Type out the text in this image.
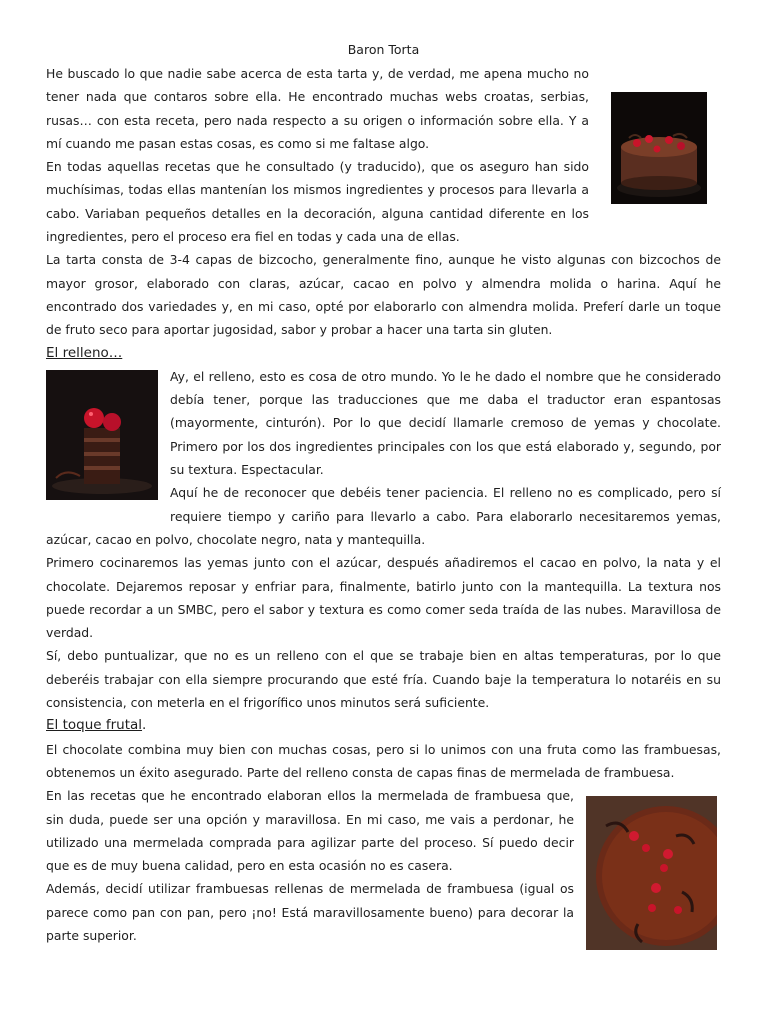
Baron Torta

He buscado lo que nadie sabe acerca de esta tarta y, de verdad, me apena mucho no tener nada que contaros sobre ella. He encontrado muchas webs croatas, serbias, rusas… con esta receta, pero nada respecto a su origen o información sobre ella. Y a mí cuando me pasan estas cosas, es como si me faltase algo.

En todas aquellas recetas que he consultado (y traducido), que os aseguro han sido muchísimas, todas ellas mantenían los mismos ingredientes y procesos para llevarla a cabo. Variaban pequeños detalles en la decoración, alguna cantidad diferente en los ingredientes, pero el proceso era fiel en todas y cada una de ellas.

La tarta consta de 3-4 capas de bizcocho, generalmente fino, aunque he visto algunas con bizcochos de mayor grosor, elaborado con claras, azúcar, cacao en polvo y almendra molida o harina. Aquí he encontrado dos variedades y, en mi caso, opté por elaborarlo con almendra molida. Preferí darle un toque de fruto seco para aportar jugosidad, sabor y probar a hacer una tarta sin gluten.

El relleno…

Ay, el relleno, esto es cosa de otro mundo. Yo le he dado el nombre que he considerado debía tener, porque las traducciones que me daba el traductor eran espantosas (mayormente, cinturón). Por lo que decidí llamarle cremoso de yemas y chocolate. Primero por los dos ingredientes principales con los que está elaborado y, segundo, por su textura. Espectacular.

Aquí he de reconocer que debéis tener paciencia. El relleno no es complicado, pero sí requiere tiempo y cariño para llevarlo a cabo. Para elaborarlo necesitaremos yemas, azúcar, cacao en polvo, chocolate negro, nata y mantequilla.

Primero cocinaremos las yemas junto con el azúcar, después añadiremos el cacao en polvo, la nata y el chocolate. Dejaremos reposar y enfriar para, finalmente, batirlo junto con la mantequilla. La textura nos puede recordar a un SMBC, pero el sabor y textura es como comer seda traída de las nubes. Maravillosa de verdad.

Sí, debo puntualizar, que no es un relleno con el que se trabaje bien en altas temperaturas, por lo que deberéis trabajar con ella siempre procurando que esté fría. Cuando baje la temperatura lo notaréis en su consistencia, con meterla en el frigorífico unos minutos será suficiente.

El toque frutal.

El chocolate combina muy bien con muchas cosas, pero si lo unimos con una fruta como las frambuesas, obtenemos un éxito asegurado. Parte del relleno consta de capas finas de mermelada de frambuesa.

En las recetas que he encontrado elaboran ellos la mermelada de frambuesa que, sin duda, puede ser una opción y maravillosa. En mi caso, me vais a perdonar, he utilizado una mermelada comprada para agilizar parte del proceso. Sí puedo decir que es de muy buena calidad, pero en esta ocasión no es casera.

Además, decidí utilizar frambuesas rellenas de mermelada de frambuesa (igual os parece como pan con pan, pero ¡no! Está maravillosamente bueno) para decorar la parte superior.
